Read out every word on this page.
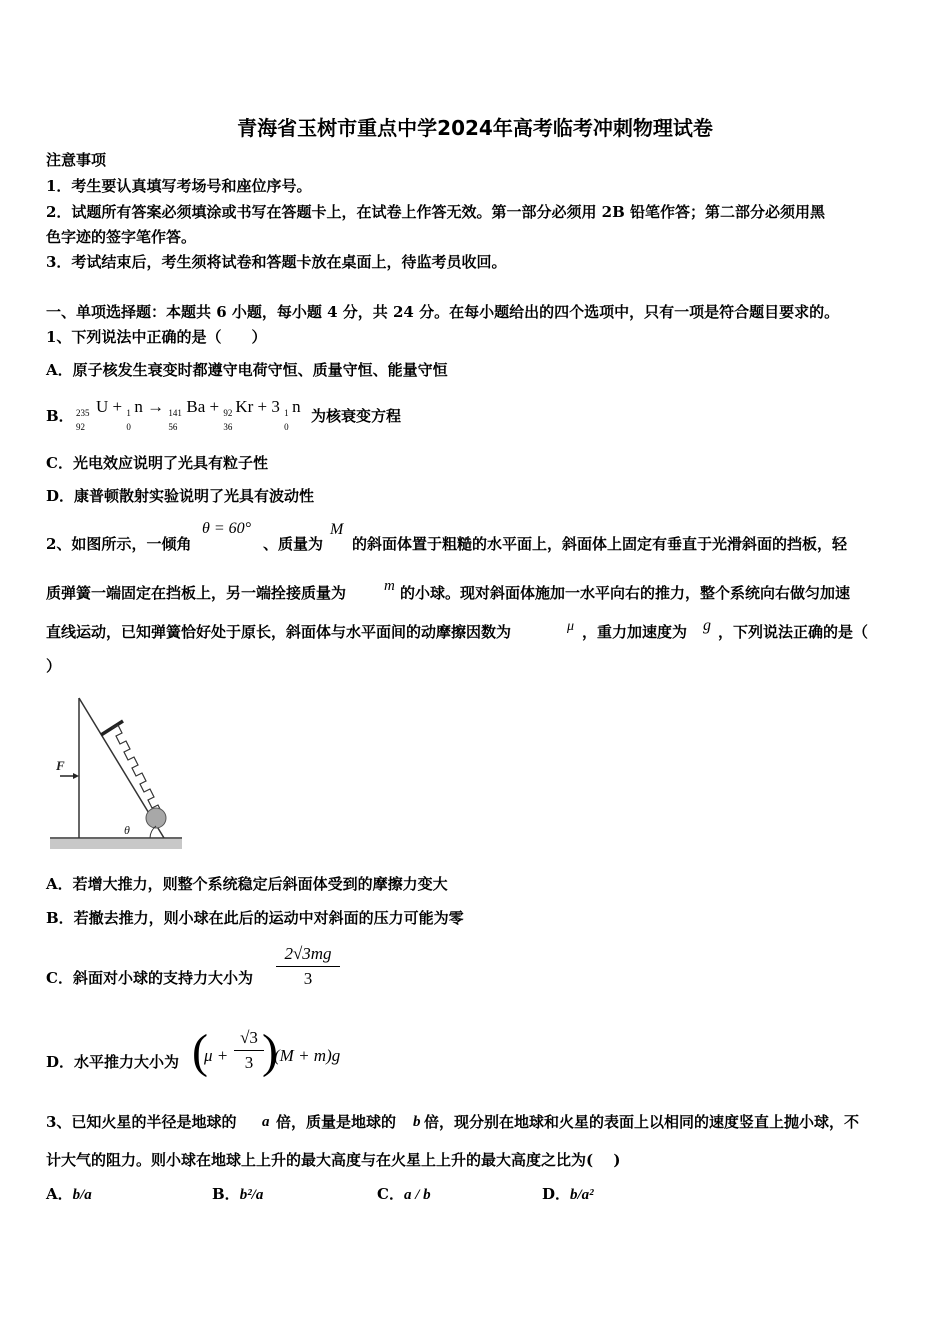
青海省玉树市重点中学2024年高考临考冲刺物理试卷
注意事项
1．考生要认真填写考场号和座位序号。
2．试题所有答案必须填涂或书写在答题卡上，在试卷上作答无效。第一部分必须用 2B 铅笔作答；第二部分必须用黑
色字迹的签字笔作答。
3．考试结束后，考生须将试卷和答题卡放在桌面上，待监考员收回。
一、单项选择题：本题共 6 小题，每小题 4 分，共 24 分。在每小题给出的四个选项中，只有一项是符合题目要求的。
1、下列说法中正确的是（　　）
A．原子核发生衰变时都遵守电荷守恒、质量守恒、能量守恒
B． 235
92
U + 1
0
n → 141
56
Ba + 92
36
Kr + 3 1
0
n 为核衰变方程
C．光电效应说明了光具有粒子性
D．康普顿散射实验说明了光具有波动性
2、如图所示，一倾角
θ = 60°
、质量为
M
的斜面体置于粗糙的水平面上，斜面体上固定有垂直于光滑斜面的挡板，轻
质弹簧一端固定在挡板上，另一端拴接质量为	m 的小球。现对斜面体施加一水平向右的推力，整个系统向右做匀加速
直线运动，已知弹簧恰好处于原长，斜面体与水平面间的动摩擦因数为	μ ，重力加速度为 g ，下列说法正确的是（
）
θ
F
A．若增大推力，则整个系统稳定后斜面体受到的摩擦力变大
B．若撤去推力，则小球在此后的运动中对斜面的压力可能为零
C．斜面对小球的支持力大小为 $\frac{2√3mg}{3}$
D．水平推力大小为 (
$\mu + \frac{√3}{3}$
)
(M + m)g
3、已知火星的半径是地球的 a 倍，质量是地球的 b 倍，现分别在地球和火星的表面上以相同的速度竖直上抛小球，不
计大气的阻力。则小球在地球上上升的最大高度与在火星上上升的最大高度之比为(　 )
A．b/a	B．b²/a	C．a / b	D．b/a²
